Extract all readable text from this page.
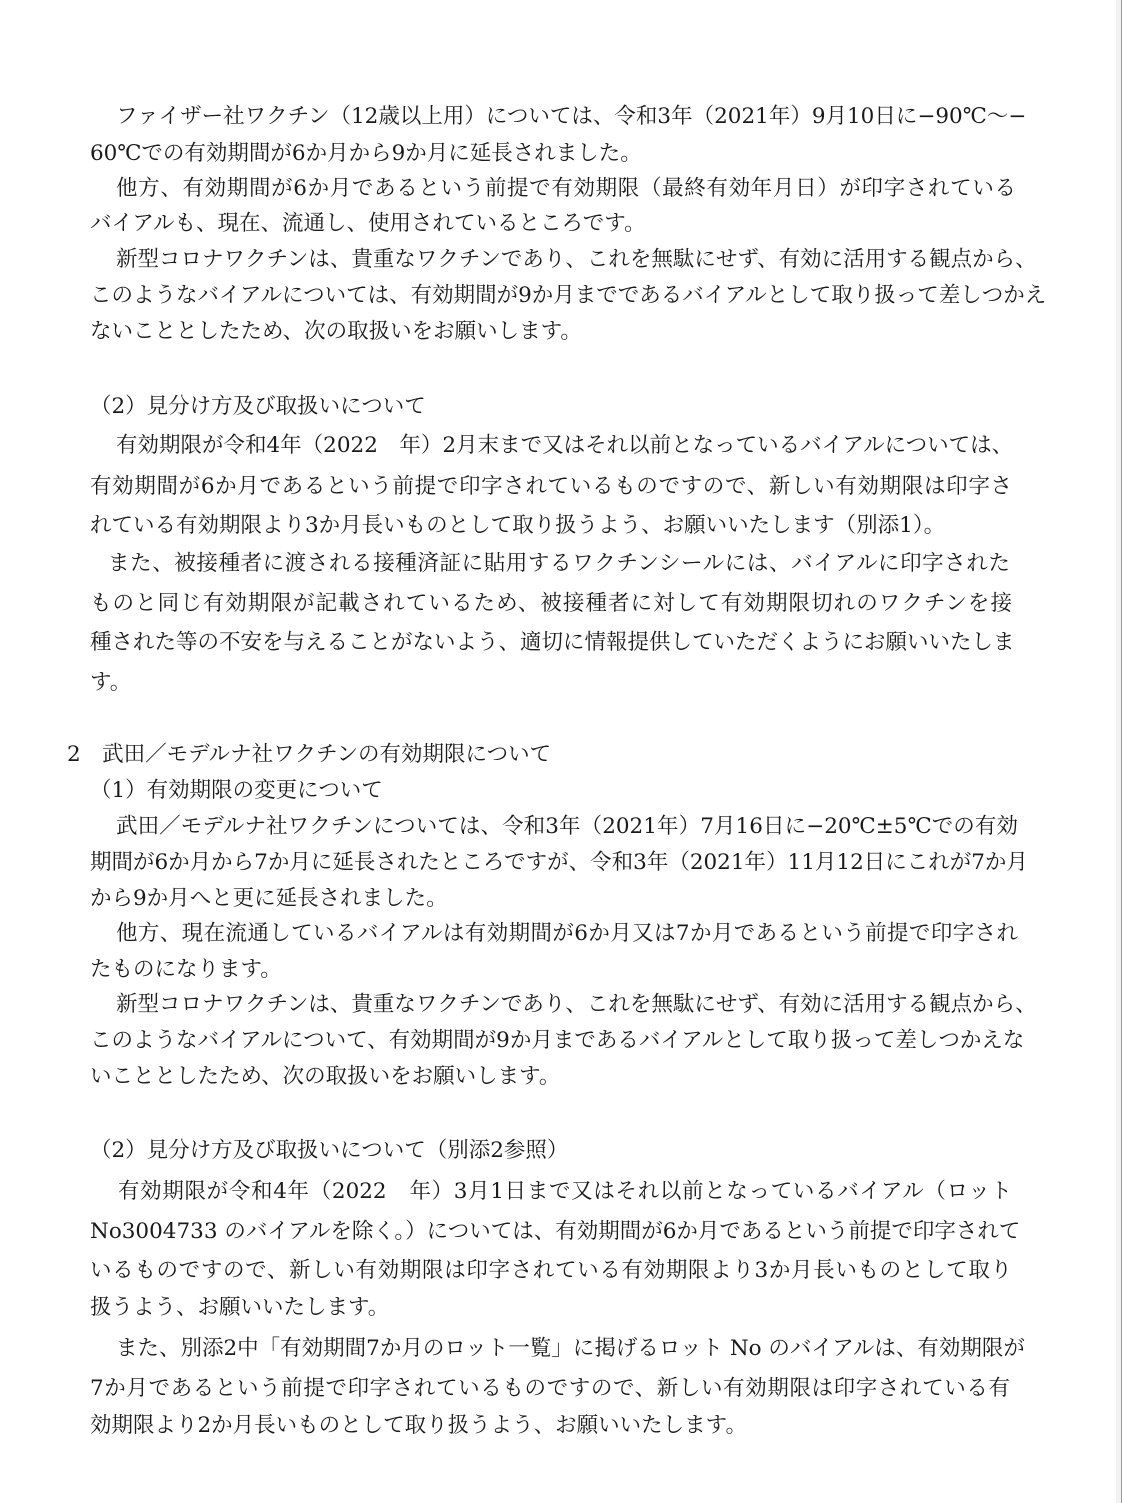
ファイザー社ワクチン（12歳以上用）については、令和3年（2021年）9月10日に−90℃〜−
60℃での有効期間が6か月から9か月に延長されました。
他方、有効期間が6か月であるという前提で有効期限（最終有効年月日）が印字されている
バイアルも、現在、流通し、使用されているところです。
新型コロナワクチンは、貴重なワクチンであり、これを無駄にせず、有効に活用する観点から、
このようなバイアルについては、有効期間が9か月までであるバイアルとして取り扱って差しつかえ
ないこととしたため、次の取扱いをお願いします。
（2）見分け方及び取扱いについて
有効期限が令和4年（2022　年）2月末まで又はそれ以前となっているバイアルについては、
有効期間が6か月であるという前提で印字されているものですので、新しい有効期限は印字さ
れている有効期限より3か月長いものとして取り扱うよう、お願いいたします（別添1）。
また、被接種者に渡される接種済証に貼用するワクチンシールには、バイアルに印字された
ものと同じ有効期限が記載されているため、被接種者に対して有効期限切れのワクチンを接
種された等の不安を与えることがないよう、適切に情報提供していただくようにお願いいたしま
す。
2　武田／モデルナ社ワクチンの有効期限について
（1）有効期限の変更について
武田／モデルナ社ワクチンについては、令和3年（2021年）7月16日に−20℃±5℃での有効
期間が6か月から7か月に延長されたところですが、令和3年（2021年）11月12日にこれが7か月
から9か月へと更に延長されました。
他方、現在流通しているバイアルは有効期間が6か月又は7か月であるという前提で印字され
たものになります。
新型コロナワクチンは、貴重なワクチンであり、これを無駄にせず、有効に活用する観点から、
このようなバイアルについて、有効期間が9か月まであるバイアルとして取り扱って差しつかえな
いこととしたため、次の取扱いをお願いします。
（2）見分け方及び取扱いについて（別添2参照）
有効期限が令和4年（2022　年）3月1日まで又はそれ以前となっているバイアル（ロット
No3004733 のバイアルを除く。）については、有効期間が6か月であるという前提で印字されて
いるものですので、新しい有効期限は印字されている有効期限より3か月長いものとして取り
扱うよう、お願いいたします。
また、別添2中「有効期間7か月のロット一覧」に掲げるロット No のバイアルは、有効期限が
7か月であるという前提で印字されているものですので、新しい有効期限は印字されている有
効期限より2か月長いものとして取り扱うよう、お願いいたします。
